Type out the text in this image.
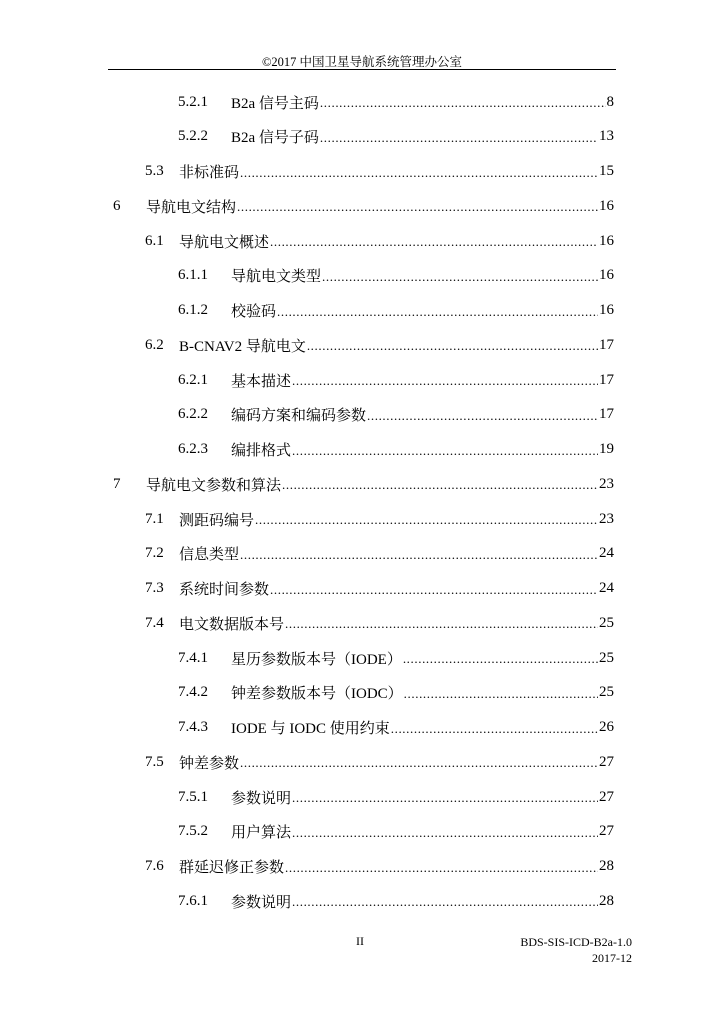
©2017 中国卫星导航系统管理办公室
5.2.1	B2a 信号主码 .....	8
5.2.2	B2a 信号子码 .....	13
5.3	非标准码 .....	15
6	导航电文结构 .....	16
6.1	导航电文概述 .....	16
6.1.1	导航电文类型 .....	16
6.1.2	校验码 .....	16
6.2	B-CNAV2 导航电文 .....	17
6.2.1	基本描述 .....	17
6.2.2	编码方案和编码参数 .....	17
6.2.3	编排格式 .....	19
7	导航电文参数和算法 .....	23
7.1	测距码编号 .....	23
7.2	信息类型 .....	24
7.3	系统时间参数 .....	24
7.4	电文数据版本号 .....	25
7.4.1	星历参数版本号（IODE） .....	25
7.4.2	钟差参数版本号（IODC） .....	25
7.4.3	IODE 与 IODC 使用约束 .....	26
7.5	钟差参数 .....	27
7.5.1	参数说明 .....	27
7.5.2	用户算法 .....	27
7.6	群延迟修正参数 .....	28
7.6.1	参数说明 .....	28
II	BDS-SIS-ICD-B2a-1.0
2017-12
